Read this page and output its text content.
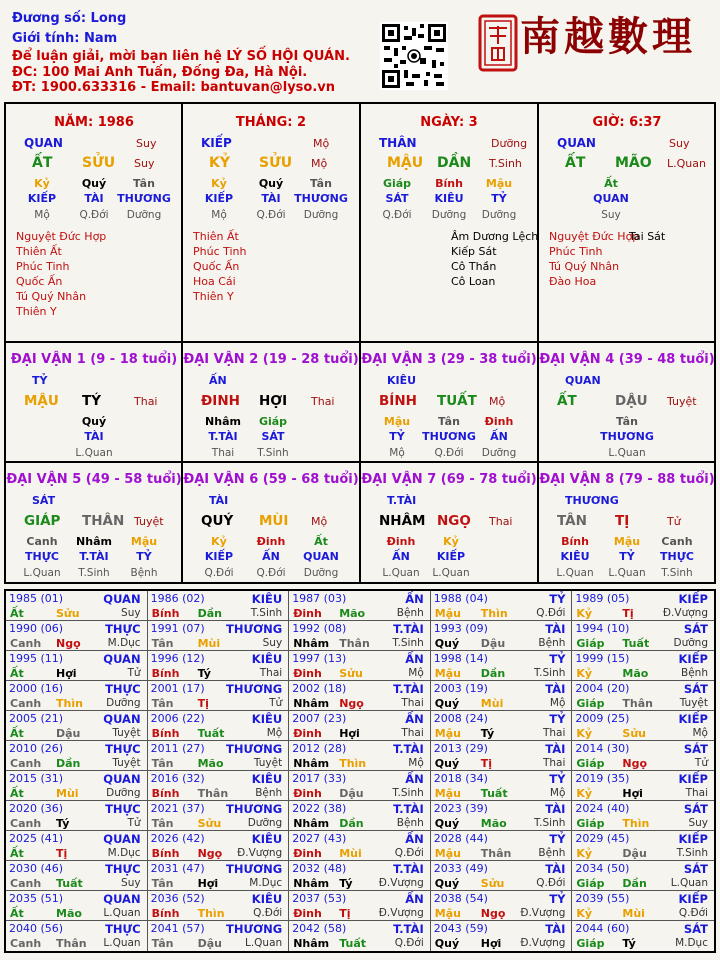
Đương số: Long
Giới tính: Nam
Để luận giải, mời bạn liên hệ LÝ SỐ HỘI QUÁN.
ĐC: 100 Mai Anh Tuấn, Đống Đa, Hà Nội.
ĐT: 1900.633316 - Email: bantuvan@lyso.vn
南越數理
NĂM: 1986
QUAN	Suy
ẤT SỬU Suy
Kỷ
KIẾP
Mộ
Quý
TÀI
Q.Đới
Tân
THƯƠNG
Dưỡng
Nguyệt Đức Hợp
Thiên Ất
Phúc Tinh
Quốc Ấn
Tú Quý Nhân
Thiên Y
THÁNG: 2
KIẾP	Mộ
KỶ SỬU Mộ
Kỷ
KIẾP
Mộ
Quý
TÀI
Q.Đới
Tân
THƯƠNG
Dưỡng
Thiên Ất
Phúc Tinh
Quốc Ấn
Hoa Cái
Thiên Y
NGÀY: 3
THÂN	Dưỡng
MẬU DẦN T.Sinh
Giáp
SÁT
Q.Đới
Bính
KIÊU
Dưỡng
Mậu
TỶ
Dưỡng
Âm Dương Lệch
Kiếp Sát
Cô Thần
Cô Loan
GIỜ: 6:37
QUAN	Suy
ẤT MÃO L.Quan
Ất
QUAN
Suy
Nguyệt Đức Hợp
Phúc Tinh
Tú Quý Nhân
Đào Hoa
Tai Sát
ĐẠI VẬN 1 (9 - 18 tuổi)
TỶ
MẬU TÝ	Thai
Quý
TÀI
L.Quan
ĐẠI VẬN 2 (19 - 28 tuổi)
ẤN
ĐINH HỢI Thai
Nhâm
T.TÀI
Thai
Giáp
SÁT
T.Sinh
ĐẠI VẬN 3 (29 - 38 tuổi)
KIÊU
BÍNH TUẤT Mộ
Mậu
TỶ
Mộ
Tân
THƯƠNG
Q.Đới
Đinh
ẤN
Dưỡng
ĐẠI VẬN 4 (39 - 48 tuổi)
QUAN
ẤT	DẬU Tuyệt
Tân
THƯƠNG
L.Quan
ĐẠI VẬN 5 (49 - 58 tuổi)
SÁT
GIÁP THÂN Tuyệt
Canh
THỰC
L.Quan
Nhâm
T.TÀI
T.Sinh
Mậu
TỶ
Bệnh
ĐẠI VẬN 6 (59 - 68 tuổi)
TÀI
QUÝ MÙI Mộ
Kỷ
KIẾP
Q.Đới
Đinh
ẤN
Q.Đới
Ất
QUAN
Dưỡng
ĐẠI VẬN 7 (69 - 78 tuổi)
T.TÀI
NHÂM NGỌ Thai
Đinh
ẤN
L.Quan
Kỷ
KIẾP
L.Quan
ĐẠI VẬN 8 (79 - 88 tuổi)
THƯƠNG
TÂN TỊ	Tử
Bính
KIÊU
L.Quan
Mậu
TỶ
L.Quan
Canh
THỰC
T.Sinh
1985 (01)	QUAN
Ất	Sửu	Suy
1986 (02)	KIÊU
Bính Dần	T.Sinh
1987 (03)	ẤN
Đinh Mão	Bệnh
1988 (04)	TỶ
Mậu Thìn	Q.Đới
1989 (05)	KIẾP
Kỷ	Tị	Đ.Vượng
1990 (06)	THỰC
Canh Ngọ	M.Dục
1991 (07) THƯƠNG
Tân Mùi	Suy
1992 (08)	T.TÀI
Nhâm Thân T.Sinh
1993 (09)	TÀI
Quý Dậu	Bệnh
1994 (10)	SÁT
Giáp Tuất Dưỡng
1995 (11)	QUAN
Ất	Hợi	Tử
1996 (12)	KIÊU
Bính Tý	Thai
1997 (13)	ẤN
Đinh Sửu	Mộ
1998 (14)	TỶ
Mậu Dần	T.Sinh
1999 (15)	KIẾP
Kỷ	Mão	Bệnh
2000 (16)	THỰC
Canh Thìn Dưỡng
2001 (17) THƯƠNG
Tân Tị	Tử
2002 (18)	T.TÀI
Nhâm Ngọ	Thai
2003 (19)	TÀI
Quý Mùi	Mộ
2004 (20)	SÁT
Giáp Thân	Tuyệt
2005 (21)	QUAN
Ất	Dậu	Tuyệt
2006 (22)	KIÊU
Bính Tuất	Mộ
2007 (23)	ẤN
Đinh Hợi	Thai
2008 (24)	TỶ
Mậu Tý	Thai
2009 (25)	KIẾP
Kỷ	Sửu	Mộ
2010 (26)	THỰC
Canh Dần	Tuyệt
2011 (27) THƯƠNG
Tân Mão	Tuyệt
2012 (28)	T.TÀI
Nhâm Thìn	Mộ
2013 (29)	TÀI
Quý Tị	Thai
2014 (30)	SÁT
Giáp Ngọ	Tử
2015 (31)	QUAN
Ất	Mùi	Dưỡng
2016 (32)	KIÊU
Bính Thân	Bệnh
2017 (33)	ẤN
Đinh Dậu	T.Sinh
2018 (34)	TỶ
Mậu Tuất	Mộ
2019 (35)	KIẾP
Kỷ	Hợi	Thai
2020 (36)	THỰC
Canh Tý	Tử
2021 (37) THƯƠNG
Tân Sửu	Dưỡng
2022 (38)	T.TÀI
Nhâm Dần	Bệnh
2023 (39)	TÀI
Quý Mão	T.Sinh
2024 (40)	SÁT
Giáp Thìn	Suy
2025 (41)	QUAN
Ất	Tị	M.Dục
2026 (42)	KIÊU
Bính Ngọ Đ.Vượng
2027 (43)	ẤN
Đinh Mùi	Q.Đới
2028 (44)	TỶ
Mậu Thân	Bệnh
2029 (45)	KIẾP
Kỷ	Dậu	T.Sinh
2030 (46)	THỰC
Canh Tuất	Suy
2031 (47) THƯƠNG
Tân Hợi	M.Dục
2032 (48)	T.TÀI
Nhâm Tý Đ.Vượng
2033 (49)	TÀI
Quý Sửu	Q.Đới
2034 (50)	SÁT
Giáp Dần L.Quan
2035 (51)	QUAN
Ất	Mão L.Quan
2036 (52)	KIÊU
Bính Thìn	Q.Đới
2037 (53)	ẤN
Đinh Tị	Đ.Vượng
2038 (54)	TỶ
Mậu Ngọ Đ.Vượng
2039 (55)	KIẾP
Kỷ	Mùi	Q.Đới
2040 (56)	THỰC
Canh Thân L.Quan
2041 (57) THƯƠNG
Tân Dậu L.Quan
2042 (58)	T.TÀI
Nhâm Tuất	Q.Đới
2043 (59)	TÀI
Quý Hợi Đ.Vượng
2044 (60)	SÁT
Giáp Tý	M.Dục
